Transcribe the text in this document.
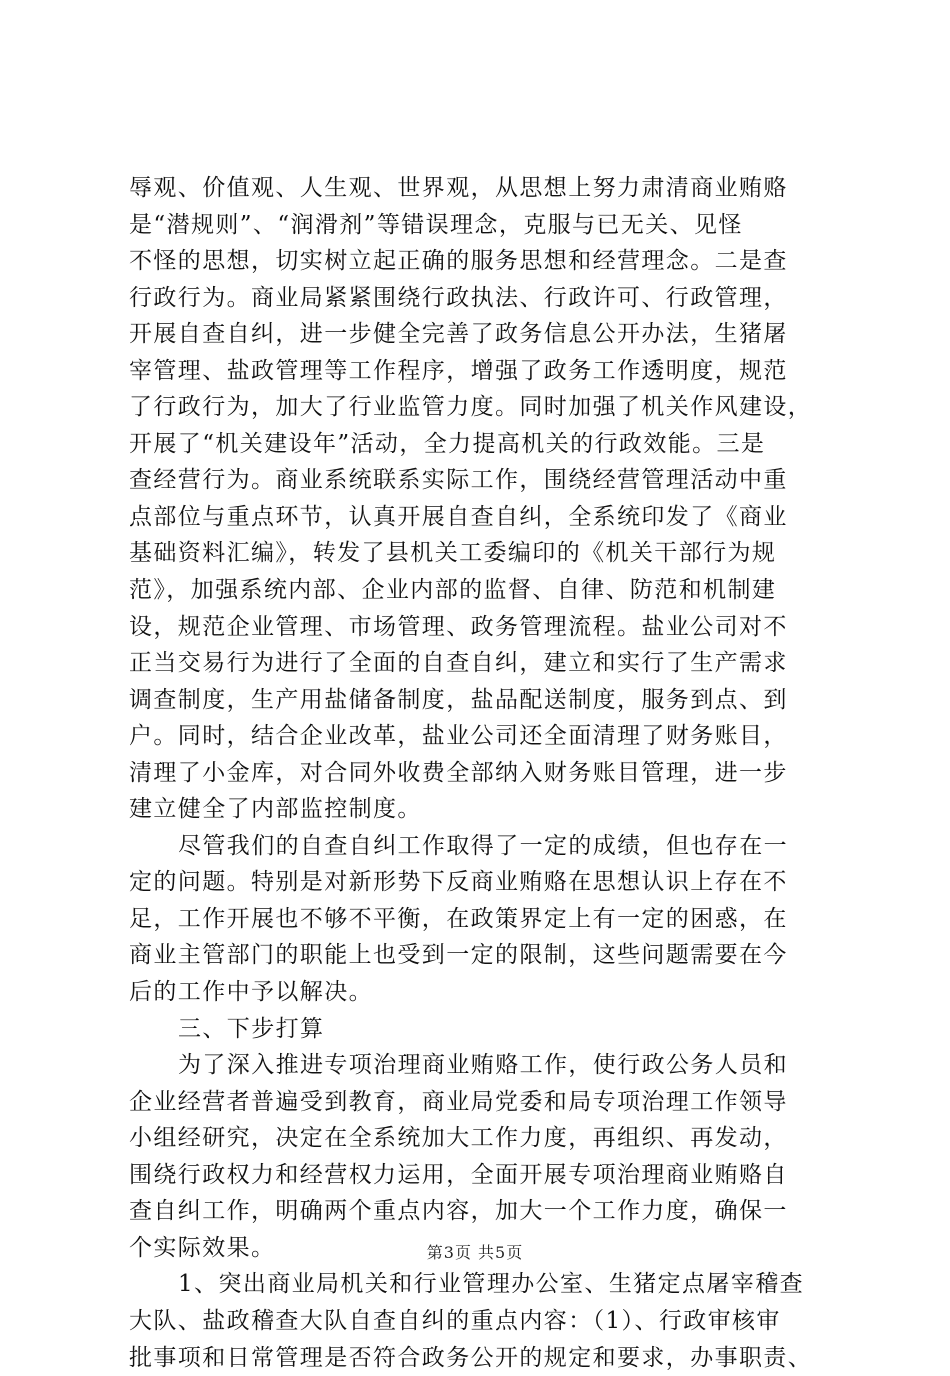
辱观、价值观、人生观、世界观，从思想上努力肃清商业贿赂
是“潜规则”、“润滑剂”等错误理念，克服与已无关、见怪
不怪的思想，切实树立起正确的服务思想和经营理念。二是查
行政行为。商业局紧紧围绕行政执法、行政许可、行政管理，
开展自查自纠，进一步健全完善了政务信息公开办法，生猪屠
宰管理、盐政管理等工作程序，增强了政务工作透明度，规范
了行政行为，加大了行业监管力度。同时加强了机关作风建设，
开展了“机关建设年”活动，全力提高机关的行政效能。三是
查经营行为。商业系统联系实际工作，围绕经营管理活动中重
点部位与重点环节，认真开展自查自纠，全系统印发了《商业
基础资料汇编》，转发了县机关工委编印的《机关干部行为规
范》，加强系统内部、企业内部的监督、自律、防范和机制建
设，规范企业管理、市场管理、政务管理流程。盐业公司对不
正当交易行为进行了全面的自查自纠，建立和实行了生产需求
调查制度，生产用盐储备制度，盐品配送制度，服务到点、到
户。同时，结合企业改革，盐业公司还全面清理了财务账目，
清理了小金库，对合同外收费全部纳入财务账目管理，进一步
建立健全了内部监控制度。
尽管我们的自查自纠工作取得了一定的成绩，但也存在一
定的问题。特别是对新形势下反商业贿赂在思想认识上存在不
足，工作开展也不够不平衡，在政策界定上有一定的困惑，在
商业主管部门的职能上也受到一定的限制，这些问题需要在今
后的工作中予以解决。
三、下步打算
为了深入推进专项治理商业贿赂工作，使行政公务人员和
企业经营者普遍受到教育，商业局党委和局专项治理工作领导
小组经研究，决定在全系统加大工作力度，再组织、再发动，
围绕行政权力和经营权力运用，全面开展专项治理商业贿赂自
查自纠工作，明确两个重点内容，加大一个工作力度，确保一
个实际效果。
1、突出商业局机关和行业管理办公室、生猪定点屠宰稽查
大队、盐政稽查大队自查自纠的重点内容：（1）、行政审核审
批事项和日常管理是否符合政务公开的规定和要求，办事职责、
第3页 共5页
